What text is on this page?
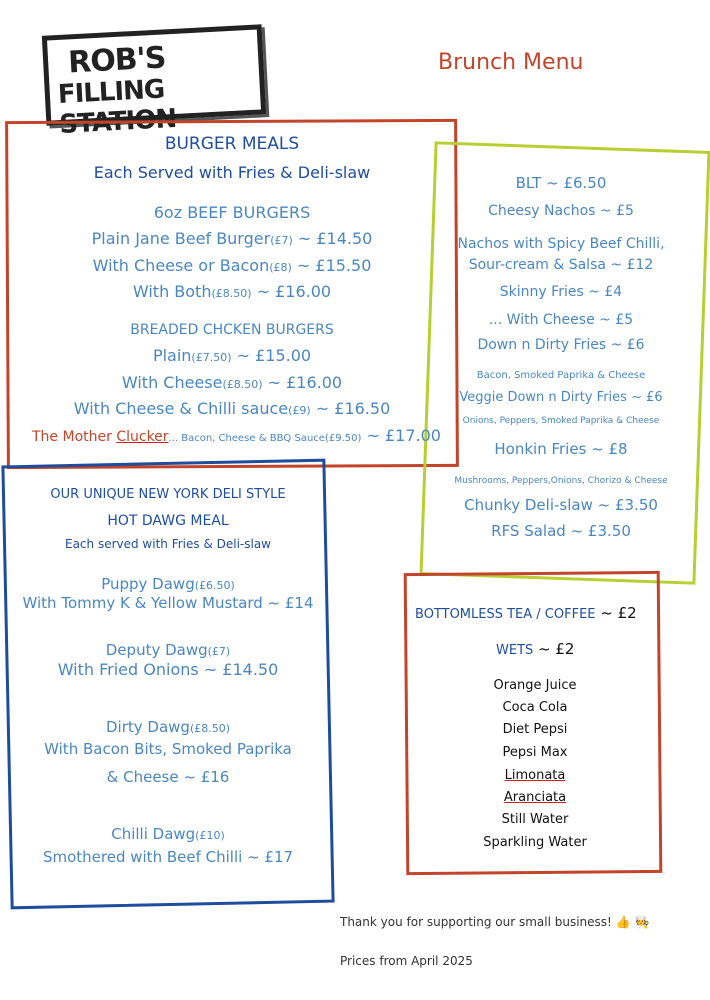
ROB'S
FILLING STATION
Brunch Menu
BURGER MEALS
Each Served with Fries & Deli-slaw
6oz BEEF BURGERS
Plain Jane Beef Burger(£7) ~ £14.50
With Cheese or Bacon(£8) ~ £15.50
With Both(£8.50) ~ £16.00
BREADED CHCKEN BURGERS
Plain(£7.50) ~ £15.00
With Cheese(£8.50) ~ £16.00
With Cheese & Chilli sauce(£9) ~ £16.50
The Mother Clucker... Bacon, Cheese & BBQ Sauce(£9.50) ~ £17.00
BLT ~ £6.50
Cheesy Nachos ~ £5
Nachos with Spicy Beef Chilli,
Sour-cream & Salsa ~ £12
Skinny Fries ~ £4
... With Cheese ~ £5
Down n Dirty Fries ~ £6
Bacon, Smoked Paprika & Cheese
Veggie Down n Dirty Fries ~ £6
Onions, Peppers, Smoked Paprika & Cheese
Honkin Fries ~ £8
Mushrooms, Peppers,Onions, Chorizo & Cheese
Chunky Deli-slaw ~ £3.50
RFS Salad ~ £3.50
OUR UNIQUE NEW YORK DELI STYLE
HOT DAWG MEAL
Each served with Fries & Deli-slaw
Puppy Dawg(£6.50)
With Tommy K & Yellow Mustard ~ £14
Deputy Dawg(£7)
With Fried Onions ~ £14.50
Dirty Dawg(£8.50)
With Bacon Bits, Smoked Paprika
& Cheese ~ £16
Chilli Dawg(£10)
Smothered with Beef Chilli ~ £17
BOTTOMLESS TEA / COFFEE ~ £2
WETS ~ £2
Orange Juice
Coca Cola
Diet Pepsi
Pepsi Max
Limonata
Aranciata
Still Water
Sparkling Water
Thank you for supporting our small business! 👍 🧑‍🍳
Prices from April 2025
